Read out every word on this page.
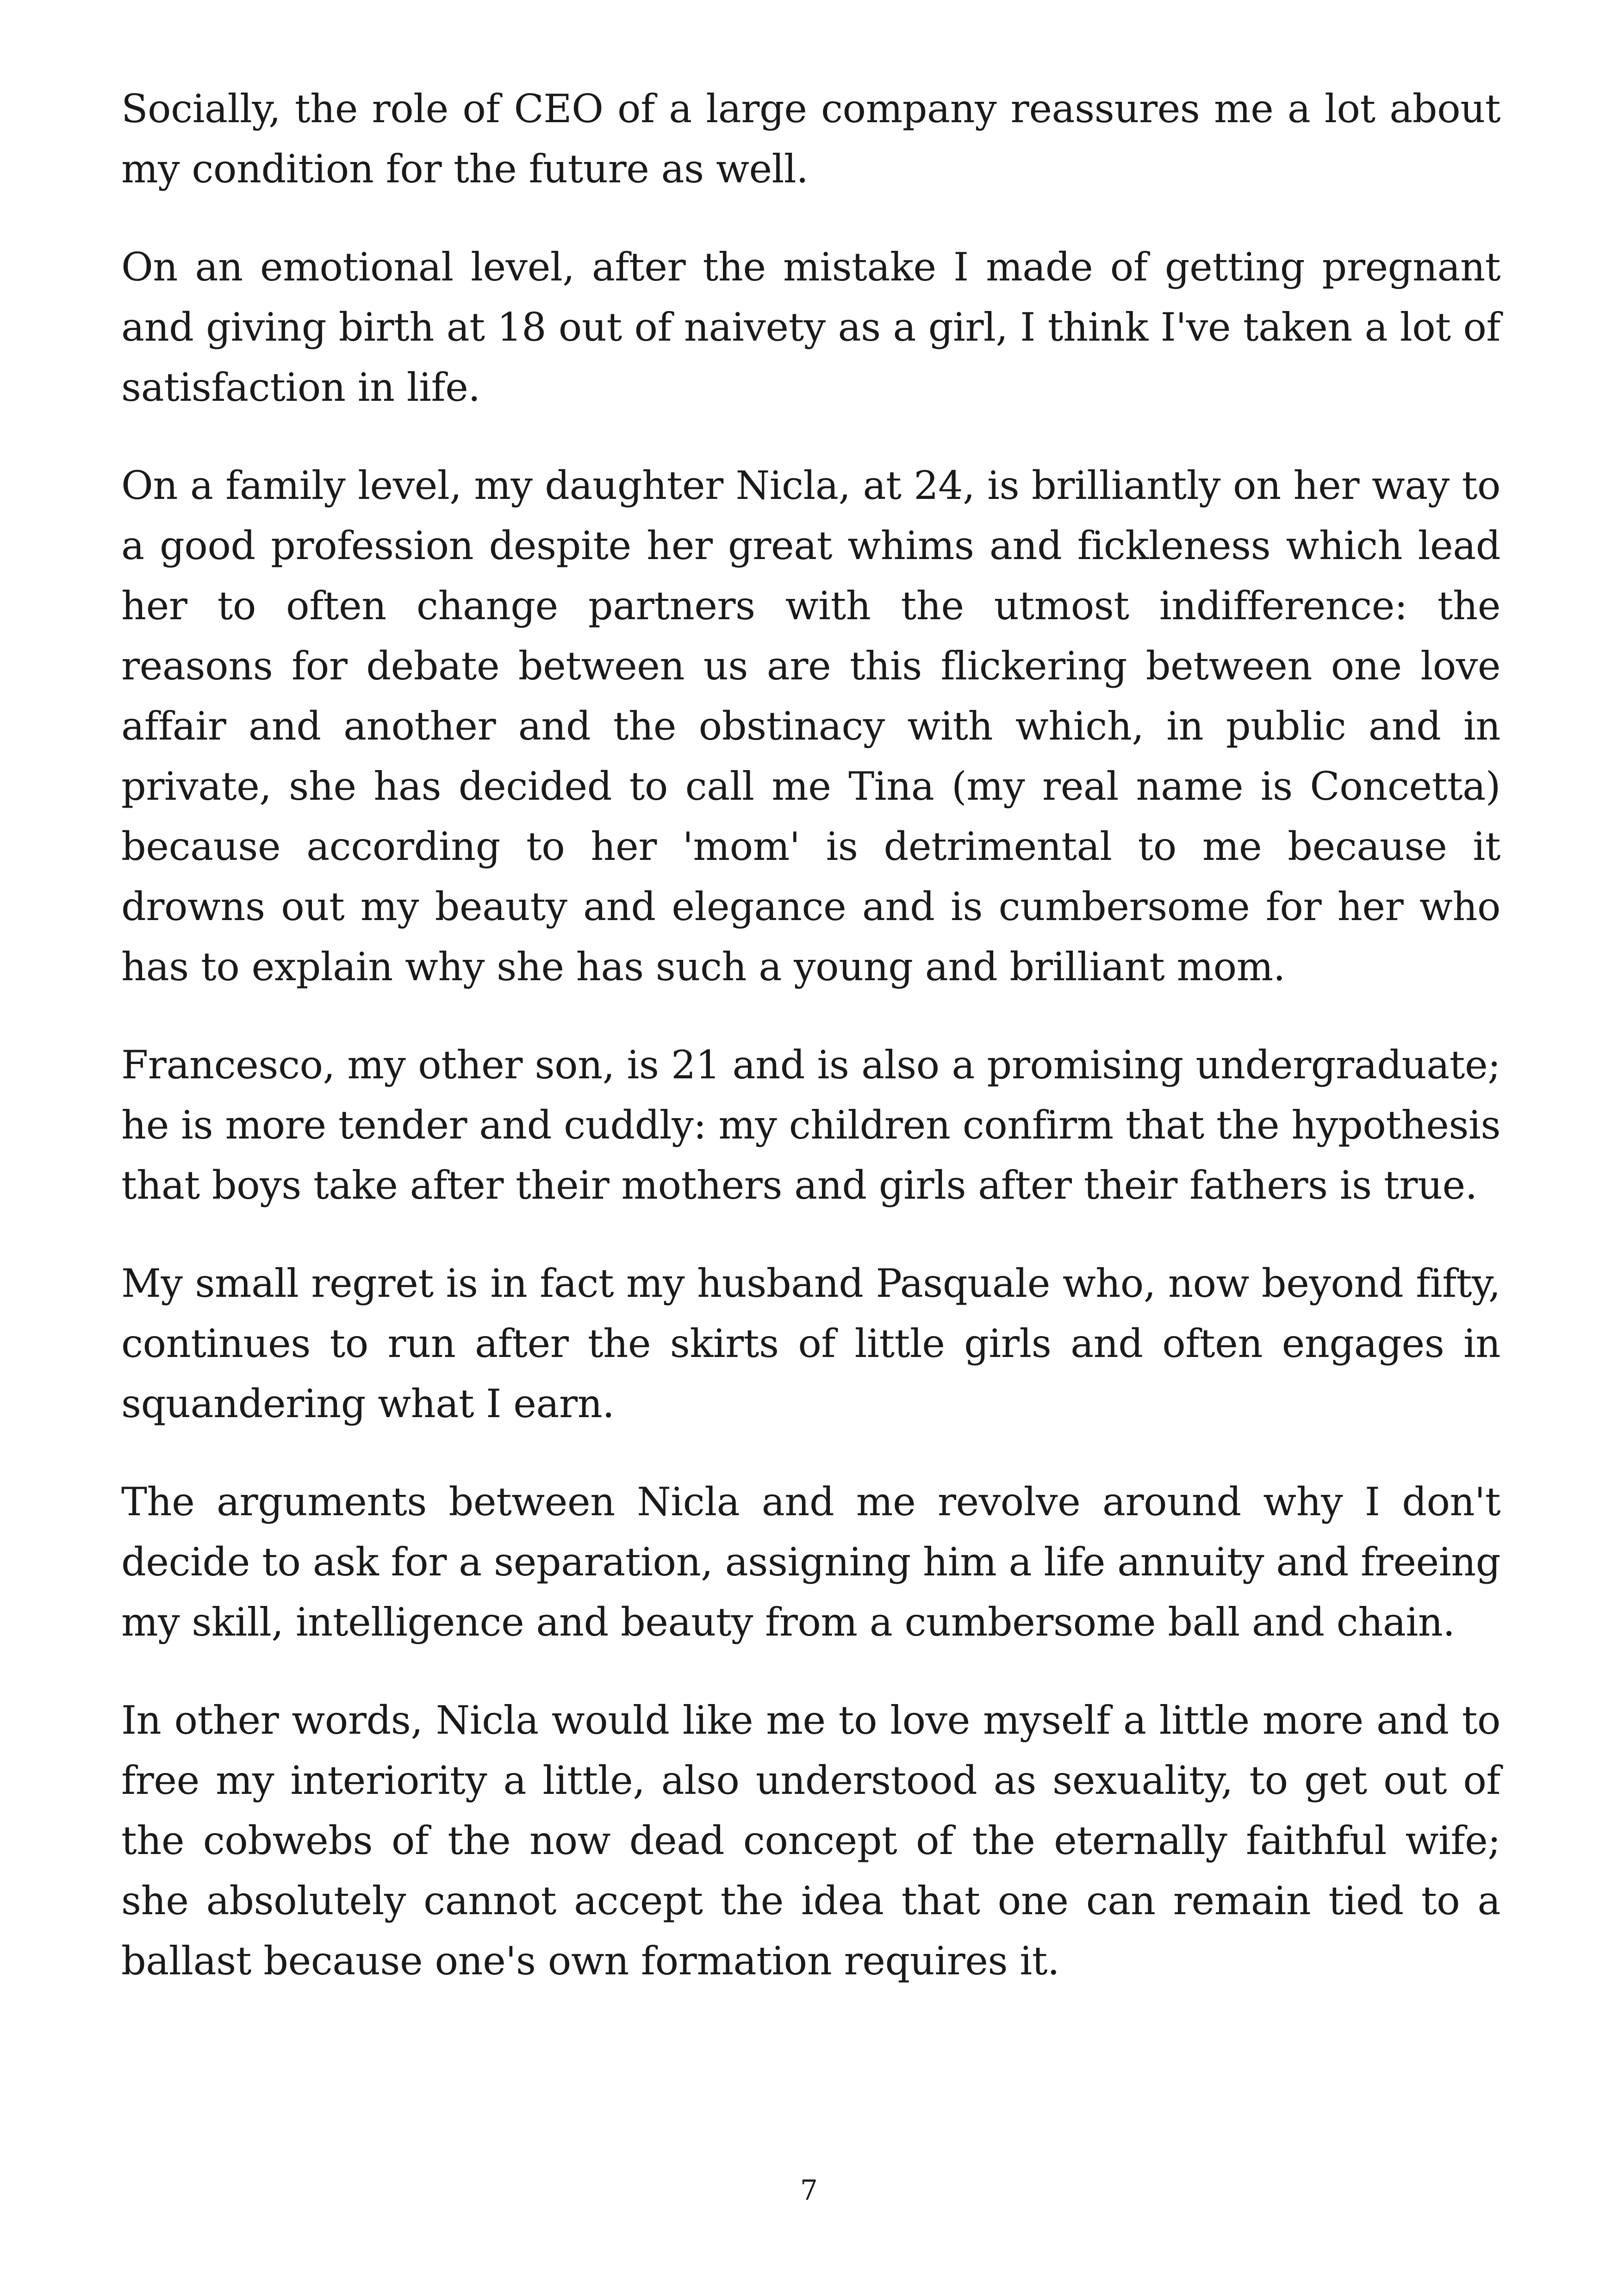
Socially, the role of CEO of a large company reassures me a lot about my condition for the future as well.

On an emotional level, after the mistake I made of getting pregnant and giving birth at 18 out of naivety as a girl, I think I've taken a lot of satisfaction in life.

On a family level, my daughter Nicla, at 24, is brilliantly on her way to a good profession despite her great whims and fickleness which lead her to often change partners with the utmost indifference: the reasons for debate between us are this flickering between one love affair and another and the obstinacy with which, in public and in private, she has decided to call me Tina (my real name is Concetta) because according to her 'mom' is detrimental to me because it drowns out my beauty and elegance and is cumbersome for her who has to explain why she has such a young and brilliant mom.

Francesco, my other son, is 21 and is also a promising undergraduate; he is more tender and cuddly: my children confirm that the hypothesis that boys take after their mothers and girls after their fathers is true.

My small regret is in fact my husband Pasquale who, now beyond fifty, continues to run after the skirts of little girls and often engages in squandering what I earn.

The arguments between Nicla and me revolve around why I don't decide to ask for a separation, assigning him a life annuity and freeing my skill, intelligence and beauty from a cumbersome ball and chain.

In other words, Nicla would like me to love myself a little more and to free my interiority a little, also understood as sexuality, to get out of the cobwebs of the now dead concept of the eternally faithful wife; she absolutely cannot accept the idea that one can remain tied to a ballast because one's own formation requires it.

7
